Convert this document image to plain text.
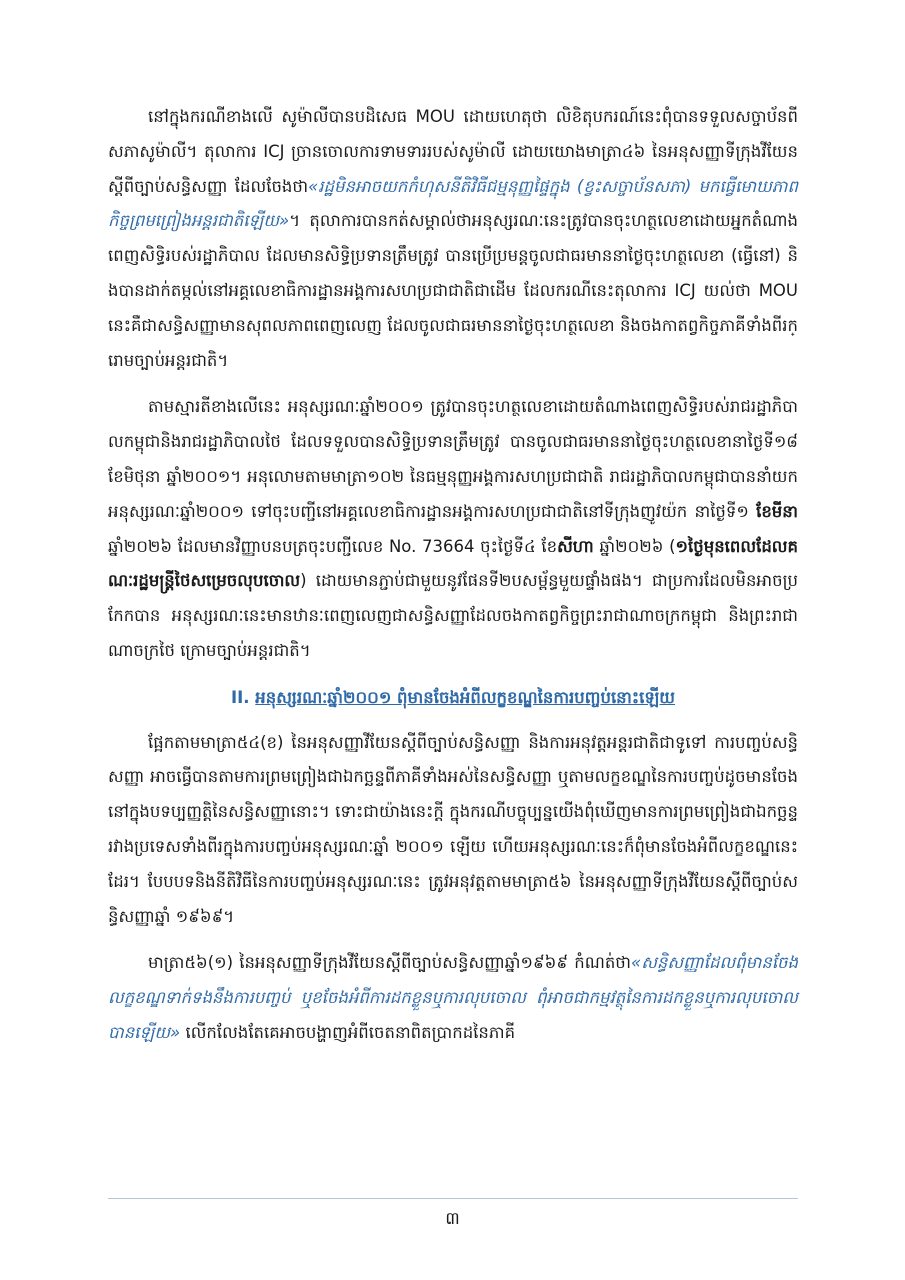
នៅក្នុងករណីខាងលើ សូម៉ាលីបានបដិសេធ MOU ដោយហេតុថា លិខិតុបករណ៍នេះពុំបានទទួលសច្ចាប័នពីសភាសូម៉ាលី។ តុលាការ ICJ ច្រានចោលការទាមទាររបស់សូម៉ាលី ដោយយោងមាត្រា៤៦ នៃអនុសញ្ញាទីក្រុងវីយែនស្ដីពីច្បាប់សន្ធិសញ្ញា ដែលចែងថា«រដ្ឋមិនអាចយកកំហុសនីតិវិធីជម្មនុញ្ញផ្ទៃក្នុង (ខ្វះសច្ចាប័នសភា) មកធ្វើមោឃភាពកិច្ចព្រមព្រៀងអន្តរជាតិឡើយ»។ តុលាការបានកត់សម្គាល់ថាអនុស្សរណៈនេះត្រូវបានចុះហត្ថលេខាដោយអ្នកតំណាងពេញសិទ្ធិរបស់រដ្ឋាភិបាល ដែលមានសិទ្ធិប្រទានត្រឹមត្រូវ បានប្រើប្រមន្តចូលជាធរមាននាថ្ងៃចុះហត្ថលេខា (ធ្វើនៅ) និងបានដាក់តម្កល់នៅអគ្គលេខាធិការដ្ឋានអង្គការសហប្រជាជាតិជាដើម ដែលករណីនេះតុលាការ ICJ យល់ថា MOU នេះគឺជាសន្ធិសញ្ញាមានសុពលភាពពេញលេញ ដែលចូលជាធរមាននាថ្ងៃចុះហត្ថលេខា និងចងកាតព្វកិច្ចភាគីទាំងពីរក្រោមច្បាប់អន្តរជាតិ។

តាមស្មារតីខាងលើនេះ អនុស្សរណៈឆ្នាំ២០០១ ត្រូវបានចុះហត្ថលេខាដោយតំណាងពេញសិទ្ធិរបស់រាជរដ្ឋាភិបាលកម្ពុជានិងរាជរដ្ឋាភិបាលថៃ ដែលទទួលបានសិទ្ធិប្រទានត្រឹមត្រូវ បានចូលជាធរមាននាថ្ងៃចុះហត្ថលេខានាថ្ងៃទី១៨ ខែមិថុនា ឆ្នាំ២០០១។ អនុលោមតាមមាត្រា១០២ នៃធម្មនុញ្ញអង្គការសហប្រជាជាតិ រាជរដ្ឋាភិបាលកម្ពុជាបាននាំយកអនុស្សរណៈឆ្នាំ២០០១ ទៅចុះបញ្ជីនៅអគ្គលេខាធិការដ្ឋានអង្គការសហប្រជាជាតិនៅទីក្រុងញូវយ៉ក នាថ្ងៃទី១ ខែមីនា ឆ្នាំ២០២៦ ដែលមានវិញ្ញាបនបត្រចុះបញ្ជីលេខ No. 73664 ចុះថ្ងៃទី៤ ខែសីហា ឆ្នាំ២០២៦ (១ថ្ងៃមុនពេលដែលគណៈរដ្ឋមន្រ្តីថៃសម្រេចលុបចោល) ដោយមានភ្ជាប់ជាមួយនូវផែនទី២បសម្ព័ន្ធមួយផ្ទាំងផង។ ជាប្រការដែលមិនអាចប្រកែកបាន អនុស្សរណៈនេះមានឋានៈពេញលេញជាសន្ធិសញ្ញាដែលចងកាតព្វកិច្ចព្រះរាជាណាចក្រកម្ពុជា និងព្រះរាជាណាចក្រថៃ ក្រោមច្បាប់អន្តរជាតិ។

II. អនុស្សរណៈឆ្នាំ២០០១ ពុំមានចែងអំពីលក្ខខណ្ឌនៃការបញ្ចប់នោះឡើយ

ផ្អែកតាមមាត្រា៥៤(ខ) នៃអនុសញ្ញាវីយែនស្ដីពីច្បាប់សន្ធិសញ្ញា និងការអនុវត្តអន្តរជាតិជាទូទៅ ការបញ្ចប់សន្ធិសញ្ញា អាចធ្វើបានតាមការព្រមព្រៀងជាឯកច្ឆន្ទពីភាគីទាំងអស់នៃសន្ធិសញ្ញា ឬតាមលក្ខខណ្ឌនៃការបញ្ចប់ដូចមានចែងនៅក្នុងបទប្បញ្ញត្តិនៃសន្ធិសញ្ញានោះ។ ទោះជាយ៉ាងនេះក្ដី ក្នុងករណីបច្ចុប្បន្នយើងពុំឃើញមានការព្រមព្រៀងជាឯកច្ឆន្ទរវាងប្រទេសទាំងពីរក្នុងការបញ្ចប់អនុស្សរណៈឆ្នាំ ២០០១ ឡើយ ហើយអនុស្សរណៈនេះក៏ពុំមានចែងអំពីលក្ខខណ្ឌនេះដែរ។ បែបបទនិងនីតិវិធីនៃការបញ្ចប់អនុស្សរណៈនេះ ត្រូវអនុវត្តតាមមាត្រា៥៦ នៃអនុសញ្ញាទីក្រុងវីយែនស្ដីពីច្បាប់សន្ធិសញ្ញាឆ្នាំ ១៩៦៩។

មាត្រា៥៦(១) នៃអនុសញ្ញាទីក្រុងវីយែនស្ដីពីច្បាប់សន្ធិសញ្ញាឆ្នាំ១៩៦៩ កំណត់ថា«សន្ធិសញ្ញាដែលពុំមានចែងលក្ខខណ្ឌទាក់ទងនឹងការបញ្ចប់ ឬខចែងអំពីការដកខ្លួនឬការលុបចោល ពុំអាចជាកម្មវត្ថុនៃការដកខ្លួនឬការលុបចោលបានឡើយ» លើកលែងតែគេអាចបង្ហាញអំពីចេតនាពិតប្រាកដនៃភាគី

៣
